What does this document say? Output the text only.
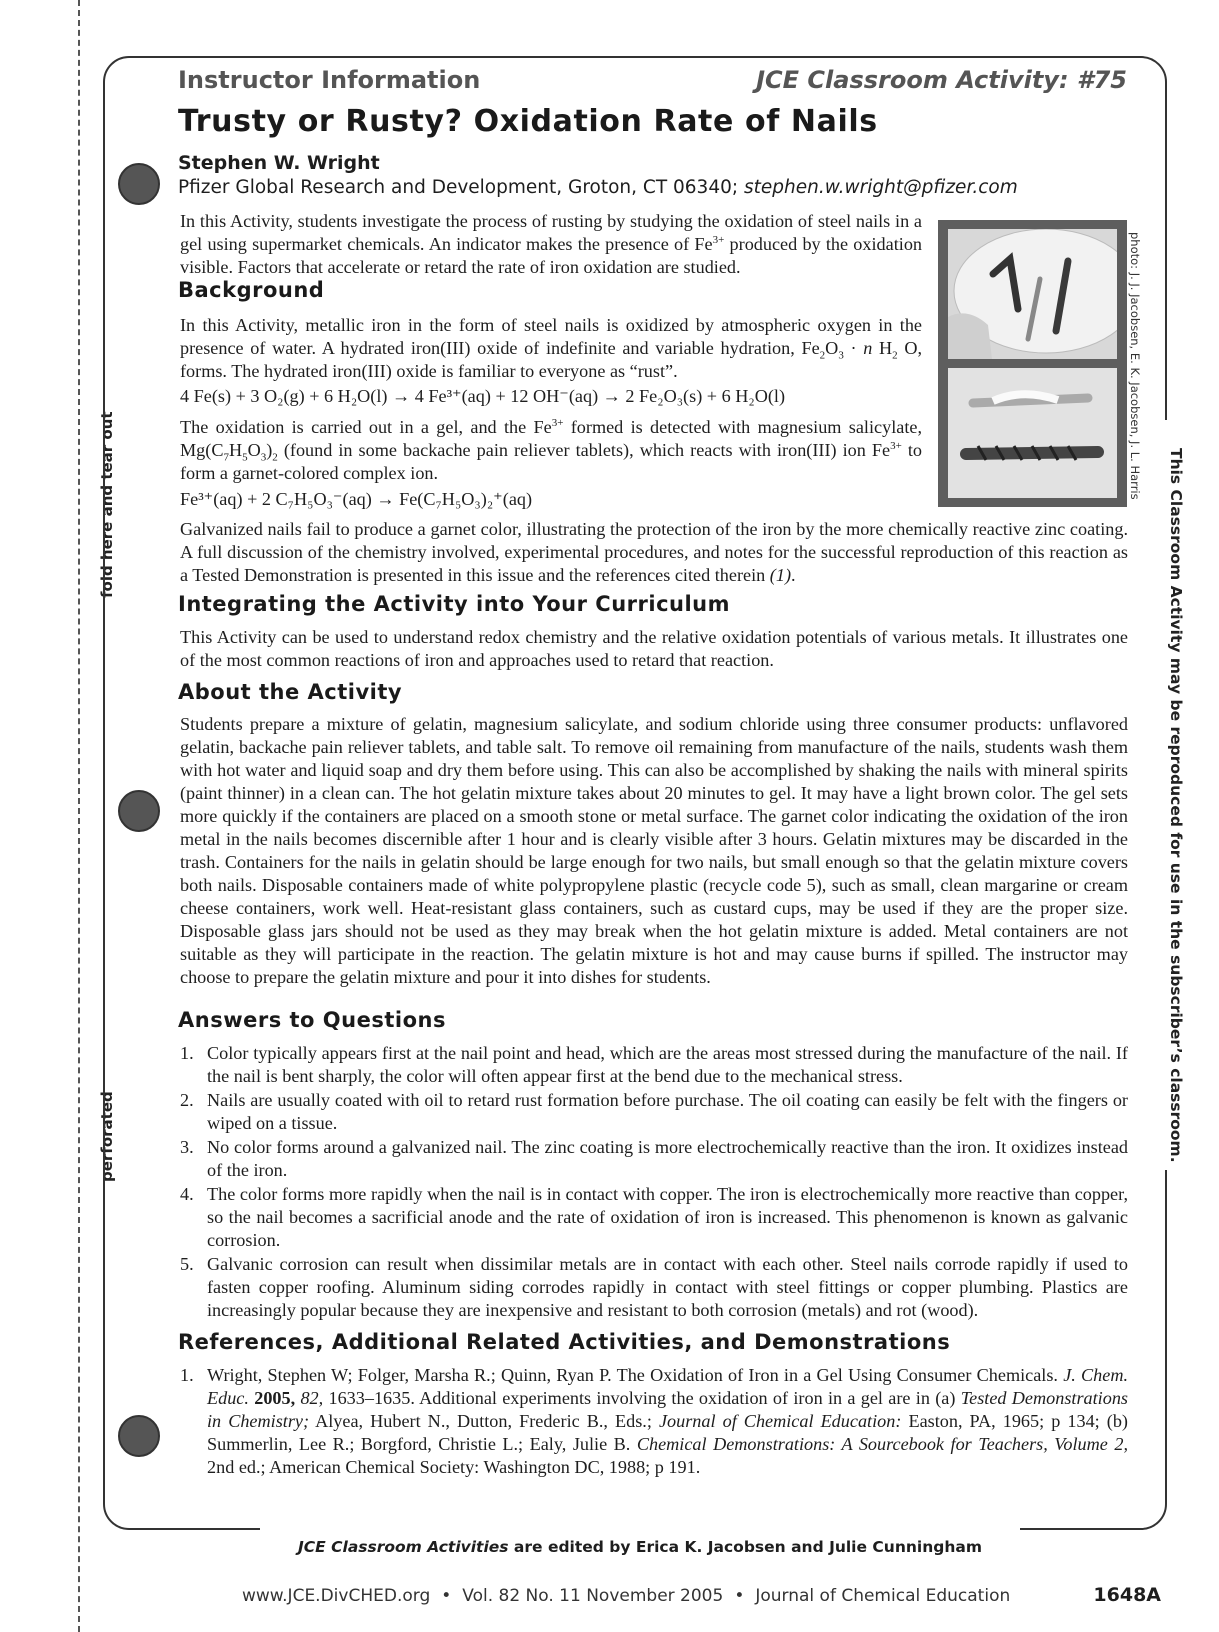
fold here and tear out
perforated	This Classroom Activity may be reproduced for use in the subscriber’s classroom.
photo: J. J. Jacobsen, E. K. Jacobsen, J. L. Harris
Instructor Information	JCE Classroom Activity: #75
Trusty or Rusty? Oxidation Rate of Nails
Stephen W. Wright
Pfizer Global Research and Development, Groton, CT 06340; stephen.w.wright@pfizer.com

In this Activity, students investigate the process of rusting by studying the oxidation of steel nails in a gel using supermarket chemicals. An indicator makes the presence of $Fe^{3+}$ produced by the oxidation visible. Factors that accelerate or retard the rate of iron oxidation are studied.

Background

In this Activity, metallic iron in the form of steel nails is oxidized by atmospheric oxygen in the presence of water. A hydrated iron(III) oxide of indefinite and variable hydration, $Fe_2O_3 \cdot n$ $H_2$ O, forms. The hydrated iron(III) oxide is familiar to everyone as “rust”.

4 Fe(s) + 3 O₂(g) + 6 H₂O(l) → 4 Fe³⁺(aq) + 12 OH⁻(aq) → 2 Fe₂O₃(s) + 6 H₂O(l)

The oxidation is carried out in a gel, and the $Fe^{3+}$ formed is detected with magnesium salicylate, $Mg(C_7H_5O_3)_2$ (found in some backache pain reliever tablets), which reacts with iron(III) ion $Fe^{3+}$ to form a garnet-colored complex ion.

Fe³⁺(aq) + 2 C₇H₅O₃⁻(aq) → Fe(C₇H₅O₃)₂⁺(aq)

Galvanized nails fail to produce a garnet color, illustrating the protection of the iron by the more chemically reactive zinc coating. A full discussion of the chemistry involved, experimental procedures, and notes for the successful reproduction of this reaction as a Tested Demonstration is presented in this issue and the references cited therein (1).

Integrating the Activity into Your Curriculum

This Activity can be used to understand redox chemistry and the relative oxidation potentials of various metals. It illustrates one of the most common reactions of iron and approaches used to retard that reaction.

About the Activity

Students prepare a mixture of gelatin, magnesium salicylate, and sodium chloride using three consumer products: unflavored gelatin, backache pain reliever tablets, and table salt. To remove oil remaining from manufacture of the nails, students wash them with hot water and liquid soap and dry them before using. This can also be accomplished by shaking the nails with mineral spirits (paint thinner) in a clean can. The hot gelatin mixture takes about 20 minutes to gel. It may have a light brown color. The gel sets more quickly if the containers are placed on a smooth stone or metal surface. The garnet color indicating the oxidation of the iron metal in the nails becomes discernible after 1 hour and is clearly visible after 3 hours. Gelatin mixtures may be discarded in the trash. Containers for the nails in gelatin should be large enough for two nails, but small enough so that the gelatin mixture covers both nails. Disposable containers made of white polypropylene plastic (recycle code 5), such as small, clean margarine or cream cheese containers, work well. Heat-resistant glass containers, such as custard cups, may be used if they are the proper size. Disposable glass jars should not be used as they may break when the hot gelatin mixture is added. Metal containers are not suitable as they will participate in the reaction. The gelatin mixture is hot and may cause burns if spilled. The instructor may choose to prepare the gelatin mixture and pour it into dishes for students.

Answers to Questions
1. Color typically appears first at the nail point and head, which are the areas most stressed during the manufacture of the nail. If the nail is bent sharply, the color will often appear first at the bend due to the mechanical stress.
2. Nails are usually coated with oil to retard rust formation before purchase. The oil coating can easily be felt with the fingers or wiped on a tissue.
3. No color forms around a galvanized nail. The zinc coating is more electrochemically reactive than the iron. It oxidizes instead of the iron.
4. The color forms more rapidly when the nail is in contact with copper. The iron is electrochemically more reactive than copper, so the nail becomes a sacrificial anode and the rate of oxidation of iron is increased. This phenomenon is known as galvanic corrosion.
5. Galvanic corrosion can result when dissimilar metals are in contact with each other. Steel nails corrode rapidly if used to fasten copper roofing. Aluminum siding corrodes rapidly in contact with steel fittings or copper plumbing. Plastics are increasingly popular because they are inexpensive and resistant to both corrosion (metals) and rot (wood).
References, Additional Related Activities, and Demonstrations
1. Wright, Stephen W; Folger, Marsha R.; Quinn, Ryan P. The Oxidation of Iron in a Gel Using Consumer Chemicals. J. Chem. Educ. 2005, 82, 1633–1635. Additional experiments involving the oxidation of iron in a gel are in (a) Tested Demonstrations in Chemistry; Alyea, Hubert N., Dutton, Frederic B., Eds.; Journal of Chemical Education: Easton, PA, 1965; p 134; (b) Summerlin, Lee R.; Borgford, Christie L.; Ealy, Julie B. Chemical Demonstrations: A Sourcebook for Teachers, Volume 2, 2nd ed.; American Chemical Society: Washington DC, 1988; p 191.
JCE Classroom Activities are edited by Erica K. Jacobsen and Julie Cunningham
www.JCE.DivCHED.org • Vol. 82 No. 11 November 2005 • Journal of Chemical Education	1648A
